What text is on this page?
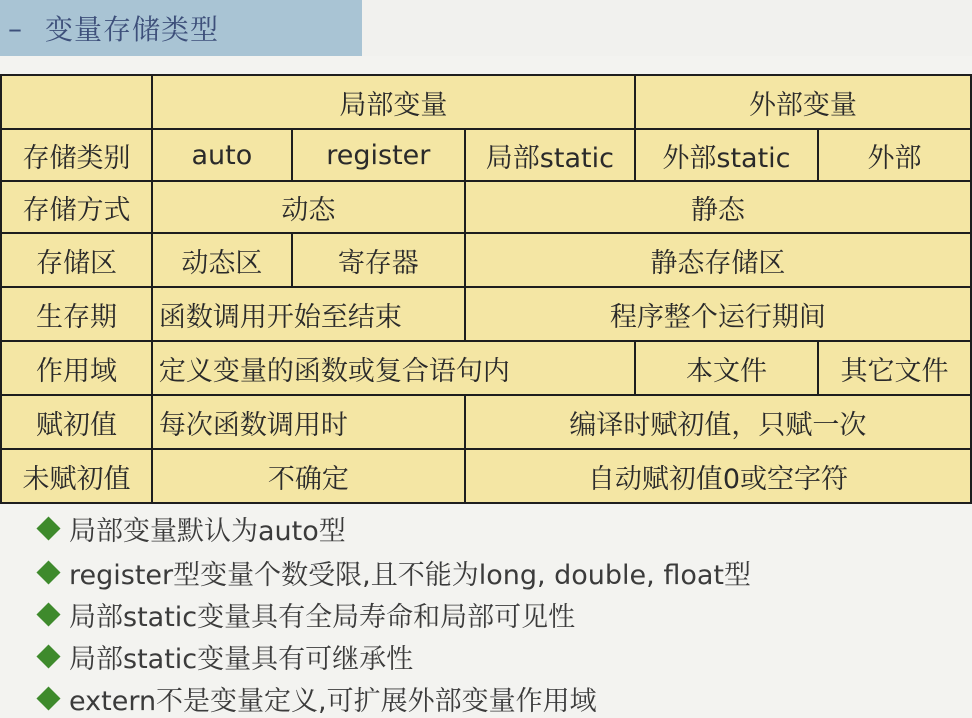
– 变量存储类型
	局部变量			外部变量	
存储类别	auto	register	局部static	外部static	外部
存储方式	动态		静态		
存储区	动态区	寄存器	静态存储区		
生存期	函数调用开始至结束		程序整个运行期间		
作用域	定义变量的函数或复合语句内			本文件	其它文件
赋初值	每次函数调用时		编译时赋初值，只赋一次		
未赋初值	不确定		自动赋初值0或空字符		
局部变量默认为auto型
register型变量个数受限,且不能为long, double, float型
局部static变量具有全局寿命和局部可见性
局部static变量具有可继承性
extern不是变量定义,可扩展外部变量作用域
